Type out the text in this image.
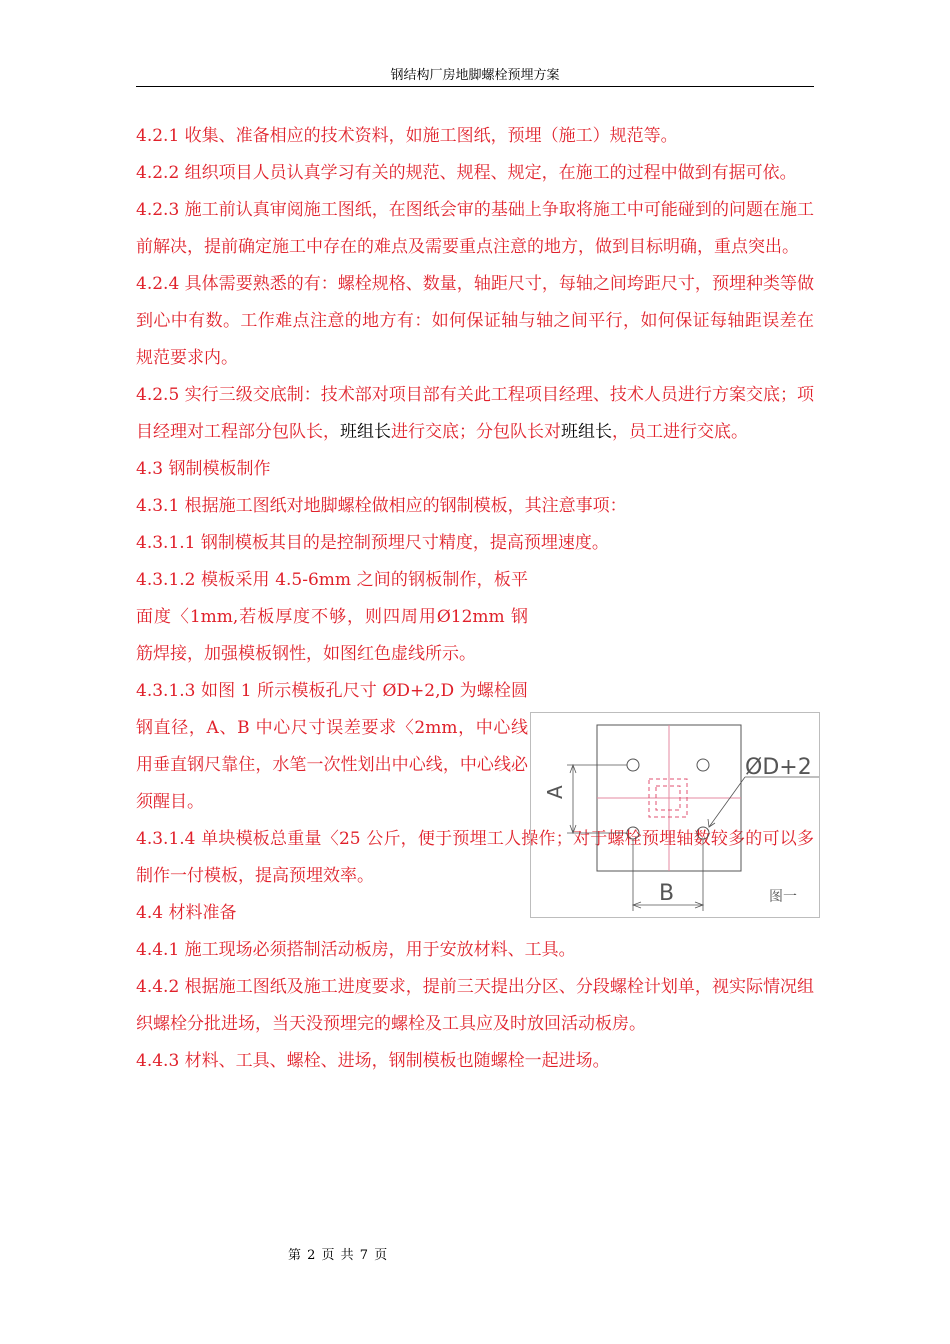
钢结构厂房地脚螺栓预埋方案

4.2.1 收集、准备相应的技术资料，如施工图纸，预埋（施工）规范等。

4.2.2 组织项目人员认真学习有关的规范、规程、规定，在施工的过程中做到有据可依。

4.2.3 施工前认真审阅施工图纸，在图纸会审的基础上争取将施工中可能碰到的问题在施工前解决，提前确定施工中存在的难点及需要重点注意的地方，做到目标明确，重点突出。

4.2.4 具体需要熟悉的有：螺栓规格、数量，轴距尺寸，每轴之间垮距尺寸，预埋种类等做到心中有数。工作难点注意的地方有：如何保证轴与轴之间平行，如何保证每轴距误差在规范要求内。

4.2.5 实行三级交底制：技术部对项目部有关此工程项目经理、技术人员进行方案交底；项目经理对工程部分包队长，班组长进行交底；分包队长对班组长，员工进行交底。

4.3 钢制模板制作

4.3.1 根据施工图纸对地脚螺栓做相应的钢制模板，其注意事项：

4.3.1.1 钢制模板其目的是控制预埋尺寸精度，提高预埋速度。

4.3.1.2 模板采用 4.5-6mm 之间的钢板制作，板平面度〈1mm,若板厚度不够，则四周用Ø12mm 钢筋焊接，加强模板钢性，如图红色虚线所示。

4.3.1.3 如图 1 所示模板孔尺寸 ØD+2,D 为螺栓圆钢直径，A、B 中心尺寸误差要求〈2mm，中心线用垂直钢尺靠住，水笔一次性划出中心线，中心线必须醒目。

4.3.1.4 单块模板总重量〈25 公斤，便于预埋工人操作；对于螺栓预埋轴数较多的可以多制作一付模板，提高预埋效率。

4.4 材料准备

4.4.1 施工现场必须搭制活动板房，用于安放材料、工具。

4.4.2 根据施工图纸及施工进度要求，提前三天提出分区、分段螺栓计划单，视实际情况组织螺栓分批进场，当天没预埋完的螺栓及工具应及时放回活动板房。

4.4.3 材料、工具、螺栓、进场，钢制模板也随螺栓一起进场。

A
B
ØD+2
图一
第 2 页 共 7 页
